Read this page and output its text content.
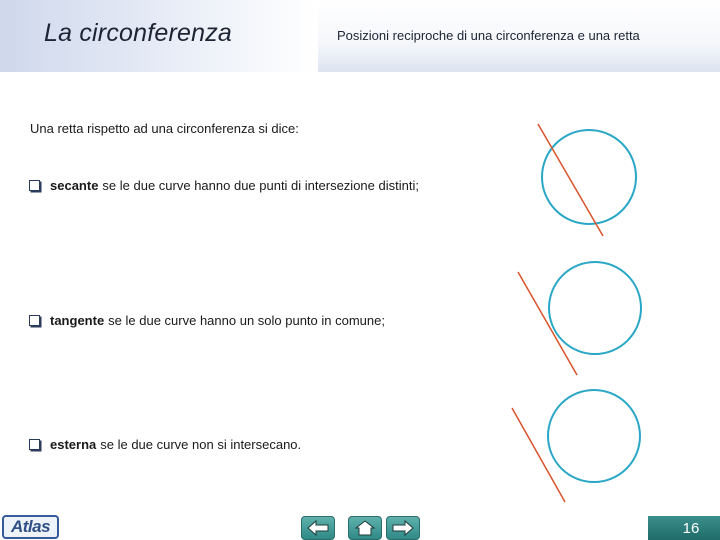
La circonferenza	Posizioni reciproche di una circonferenza e una retta
Una retta rispetto ad una circonferenza si dice:
secante se le due curve hanno due punti di intersezione distinti;
tangente se le due curve hanno un solo punto in comune;
esterna se le due curve non si intersecano.
Atlas	16
